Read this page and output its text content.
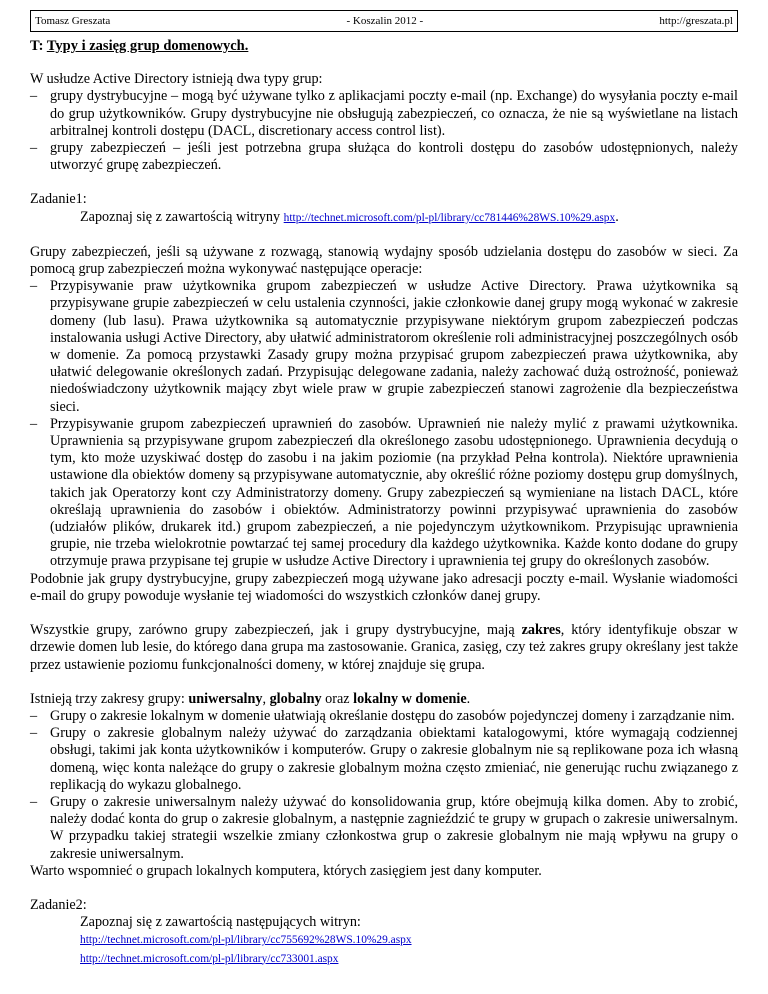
Tomasz Greszata	- Koszalin 2012 -	http://greszata.pl

T: Typy i zasięg grup domenowych.

W usłudze Active Directory istnieją dwa typy grup:

– grupy dystrybucyjne – mogą być używane tylko z aplikacjami poczty e-mail (np. Exchange) do wysyłania poczty e-mail do grup użytkowników. Grupy dystrybucyjne nie obsługują zabezpieczeń, co oznacza, że nie są wyświetlane na listach arbitralnej kontroli dostępu (DACL, discretionary access control list).
– grupy zabezpieczeń – jeśli jest potrzebna grupa służąca do kontroli dostępu do zasobów udostępnionych, należy utworzyć grupę zabezpieczeń.

Zadanie1:

Zapoznaj się z zawartością witryny http://technet.microsoft.com/pl-pl/library/cc781446%28WS.10%29.aspx.

Grupy zabezpieczeń, jeśli są używane z rozwagą, stanowią wydajny sposób udzielania dostępu do zasobów w sieci. Za pomocą grup zabezpieczeń można wykonywać następujące operacje:

– Przypisywanie praw użytkownika grupom zabezpieczeń w usłudze Active Directory. Prawa użytkownika są przypisywane grupie zabezpieczeń w celu ustalenia czynności, jakie członkowie danej grupy mogą wykonać w zakresie domeny (lub lasu). Prawa użytkownika są automatycznie przypisywane niektórym grupom zabezpieczeń podczas instalowania usługi Active Directory, aby ułatwić administratorom określenie roli administracyjnej poszczególnych osób w domenie. Za pomocą przystawki Zasady grupy można przypisać grupom zabezpieczeń prawa użytkownika, aby ułatwić delegowanie określonych zadań. Przypisując delegowane zadania, należy zachować dużą ostrożność, ponieważ niedoświadczony użytkownik mający zbyt wiele praw w grupie zabezpieczeń stanowi zagrożenie dla bezpieczeństwa sieci.
– Przypisywanie grupom zabezpieczeń uprawnień do zasobów. Uprawnień nie należy mylić z prawami użytkownika. Uprawnienia są przypisywane grupom zabezpieczeń dla określonego zasobu udostępnionego. Uprawnienia decydują o tym, kto może uzyskiwać dostęp do zasobu i na jakim poziomie (na przykład Pełna kontrola). Niektóre uprawnienia ustawione dla obiektów domeny są przypisywane automatycznie, aby określić różne poziomy dostępu grup domyślnych, takich jak Operatorzy kont czy Administratorzy domeny. Grupy zabezpieczeń są wymieniane na listach DACL, które określają uprawnienia do zasobów i obiektów. Administratorzy powinni przypisywać uprawnienia do zasobów (udziałów plików, drukarek itd.) grupom zabezpieczeń, a nie pojedynczym użytkownikom. Przypisując uprawnienia grupie, nie trzeba wielokrotnie powtarzać tej samej procedury dla każdego użytkownika. Każde konto dodane do grupy otrzymuje prawa przypisane tej grupie w usłudze Active Directory i uprawnienia tej grupy do określonych zasobów.

Podobnie jak grupy dystrybucyjne, grupy zabezpieczeń mogą używane jako adresacji poczty e-mail. Wysłanie wiadomości e-mail do grupy powoduje wysłanie tej wiadomości do wszystkich członków danej grupy.

Wszystkie grupy, zarówno grupy zabezpieczeń, jak i grupy dystrybucyjne, mają zakres, który identyfikuje obszar w drzewie domen lub lesie, do którego dana grupa ma zastosowanie. Granica, zasięg, czy też zakres grupy określany jest także przez ustawienie poziomu funkcjonalności domeny, w której znajduje się grupa.

Istnieją trzy zakresy grupy: uniwersalny, globalny oraz lokalny w domenie.

– Grupy o zakresie lokalnym w domenie ułatwiają określanie dostępu do zasobów pojedynczej domeny i zarządzanie nim.
– Grupy o zakresie globalnym należy używać do zarządzania obiektami katalogowymi, które wymagają codziennej obsługi, takimi jak konta użytkowników i komputerów. Grupy o zakresie globalnym nie są replikowane poza ich własną domeną, więc konta należące do grupy o zakresie globalnym można często zmieniać, nie generując ruchu związanego z replikacją do wykazu globalnego.
– Grupy o zakresie uniwersalnym należy używać do konsolidowania grup, które obejmują kilka domen. Aby to zrobić, należy dodać konta do grup o zakresie globalnym, a następnie zagnieździć te grupy w grupach o zakresie uniwersalnym. W przypadku takiej strategii wszelkie zmiany członkostwa grup o zakresie globalnym nie mają wpływu na grupy o zakresie uniwersalnym.

Warto wspomnieć o grupach lokalnych komputera, których zasięgiem jest dany komputer.

Zadanie2:

Zapoznaj się z zawartością następujących witryn:

http://technet.microsoft.com/pl-pl/library/cc755692%28WS.10%29.aspx

http://technet.microsoft.com/pl-pl/library/cc733001.aspx
